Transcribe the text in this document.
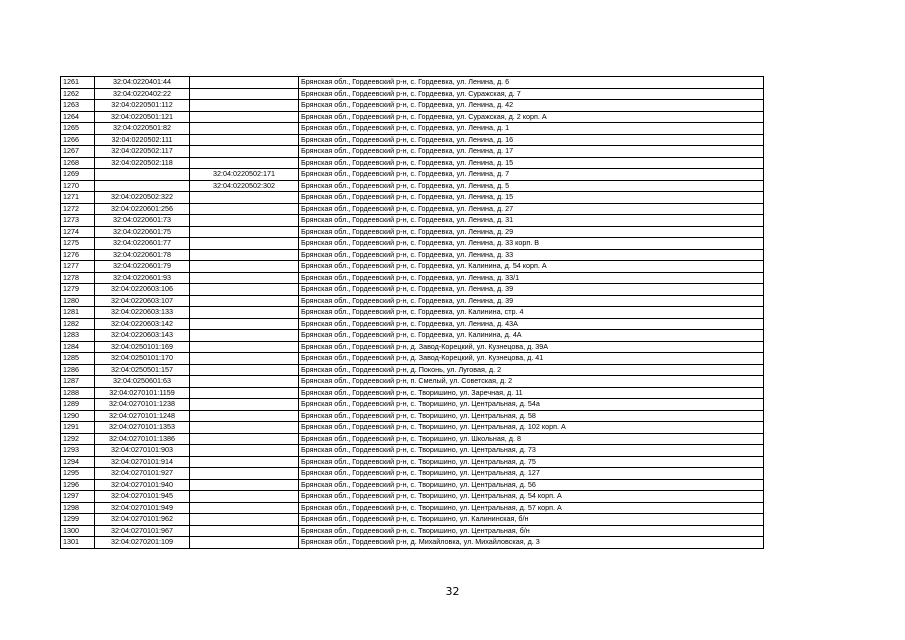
1261	32:04:0220401:44		Брянская обл., Гордеевский р-н, с. Гордеевка, ул. Ленина, д. 6
1262	32:04:0220402:22		Брянская обл., Гордеевский р-н, с. Гордеевка, ул. Суражская, д. 7
1263	32:04:0220501:112		Брянская обл., Гордеевский р-н, с. Гордеевка, ул. Ленина, д. 42
1264	32:04:0220501:121		Брянская обл., Гордеевский р-н, с. Гордеевка, ул. Суражская, д. 2 корп. А
1265	32:04:0220501:82		Брянская обл., Гордеевский р-н, с. Гордеевка, ул. Ленина, д. 1
1266	32:04:0220502:111		Брянская обл., Гордеевский р-н, с. Гордеевка, ул. Ленина, д. 16
1267	32:04:0220502:117		Брянская обл., Гордеевский р-н, с. Гордеевка, ул. Ленина, д. 17
1268	32:04:0220502:118		Брянская обл., Гордеевский р-н, с. Гордеевка, ул. Ленина, д. 15
1269		32:04:0220502:171	Брянская обл., Гордеевский р-н, с. Гордеевка, ул. Ленина, д. 7
1270		32:04:0220502:302	Брянская обл., Гордеевский р-н, с. Гордеевка, ул. Ленина, д. 5
1271	32:04:0220502:322		Брянская обл., Гордеевский р-н, с. Гордеевка, ул. Ленина, д. 15
1272	32:04:0220601:256		Брянская обл., Гордеевский р-н, с. Гордеевка, ул. Ленина, д. 27
1273	32:04:0220601:73		Брянская обл., Гордеевский р-н, с. Гордеевка, ул. Ленина, д. 31
1274	32:04:0220601:75		Брянская обл., Гордеевский р-н, с. Гордеевка, ул. Ленина, д. 29
1275	32:04:0220601:77		Брянская обл., Гордеевский р-н, с. Гордеевка, ул. Ленина, д. 33 корп. В
1276	32:04:0220601:78		Брянская обл., Гордеевский р-н, с. Гордеевка, ул. Ленина, д. 33
1277	32:04:0220601:79		Брянская обл., Гордеевский р-н, с. Гордеевка, ул. Калинина, д. 54 корп. А
1278	32:04:0220601:93		Брянская обл., Гордеевский р-н, с. Гордеевка, ул. Ленина, д. 33/1
1279	32:04:0220603:106		Брянская обл., Гордеевский р-н, с. Гордеевка, ул. Ленина, д. 39
1280	32:04:0220603:107		Брянская обл., Гордеевский р-н, с. Гордеевка, ул. Ленина, д. 39
1281	32:04:0220603:133		Брянская обл., Гордеевский р-н, с. Гордеевка, ул. Калинина, стр. 4
1282	32:04:0220603:142		Брянская обл., Гордеевский р-н, с. Гордеевка, ул. Ленина, д. 43А
1283	32:04:0220603:143		Брянская обл., Гордеевский р-н, с. Гордеевка, ул. Калинина, д. 4А
1284	32:04:0250101:169		Брянская обл., Гордеевский р-н, д. Завод-Корецкий, ул. Кузнецова, д. 39А
1285	32:04:0250101:170		Брянская обл., Гордеевский р-н, д. Завод-Корецкий, ул. Кузнецова, д. 41
1286	32:04:0250501:157		Брянская обл., Гордеевский р-н, д. Поконь, ул. Луговая, д. 2
1287	32:04:0250601:63		Брянская обл., Гордеевский р-н, п. Смелый, ул. Советская, д. 2
1288	32:04:0270101:1159		Брянская обл., Гордеевский р-н, с. Творишино, ул. Заречная, д. 11
1289	32:04:0270101:1238		Брянская обл., Гордеевский р-н, с. Творишино, ул. Центральная, д. 54а
1290	32:04:0270101:1248		Брянская обл., Гордеевский р-н, с. Творишино, ул. Центральная, д. 58
1291	32:04:0270101:1353		Брянская обл., Гордеевский р-н, с. Творишино, ул. Центральная, д. 102 корп. А
1292	32:04:0270101:1386		Брянская обл., Гордеевский р-н, с. Творишино, ул. Школьная, д. 8
1293	32:04:0270101:903		Брянская обл., Гордеевский р-н, с. Творишино, ул. Центральная, д. 73
1294	32:04:0270101:914		Брянская обл., Гордеевский р-н, с. Творишино, ул. Центральная, д. 75
1295	32:04:0270101:927		Брянская обл., Гордеевский р-н, с. Творишино, ул. Центральная, д. 127
1296	32:04:0270101:940		Брянская обл., Гордеевский р-н, с. Творишино, ул. Центральная, д. 56
1297	32:04:0270101:945		Брянская обл., Гордеевский р-н, с. Творишино, ул. Центральная, д. 54 корп. А
1298	32:04:0270101:949		Брянская обл., Гордеевский р-н, с. Творишино, ул. Центральная, д. 57 корп. А
1299	32:04:0270101:962		Брянская обл., Гордеевский р-н, с. Творишино, ул. Калининская, б/н
1300	32:04:0270101:967		Брянская обл., Гордеевский р-н, с. Творишино, ул. Центральная, б/н
1301	32:04:0270201:109		Брянская обл., Гордеевский р-н, д. Михайловка, ул. Михайловская, д. 3
32
